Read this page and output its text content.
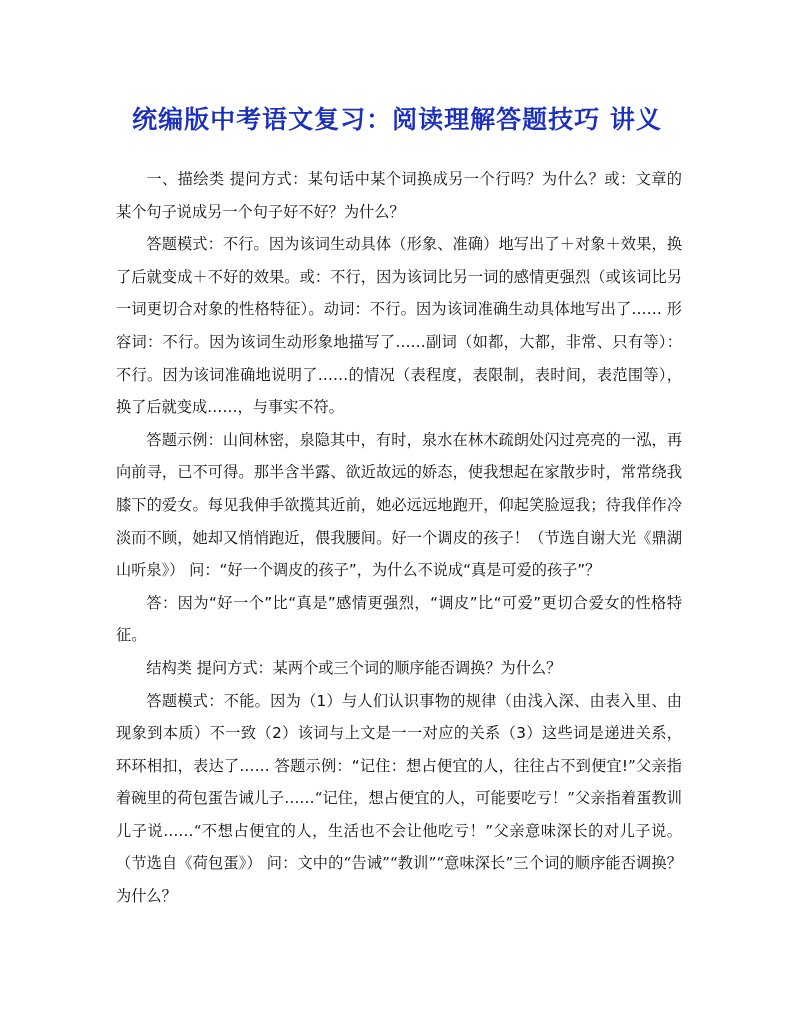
统编版中考语文复习：阅读理解答题技巧 讲义

一、描绘类 提问方式：某句话中某个词换成另一个行吗？为什么？或：文章的某个句子说成另一个句子好不好？为什么？

答题模式：不行。因为该词生动具体（形象、准确）地写出了＋对象＋效果，换了后就变成＋不好的效果。或：不行，因为该词比另一词的感情更强烈（或该词比另一词更切合对象的性格特征）。动词：不行。因为该词准确生动具体地写出了…… 形容词：不行。因为该词生动形象地描写了……副词（如都，大都，非常、只有等）：不行。因为该词准确地说明了……的情况（表程度，表限制，表时间，表范围等），换了后就变成……，与事实不符。

答题示例：山间林密，泉隐其中，有时，泉水在林木疏朗处闪过亮亮的一泓，再向前寻，已不可得。那半含半露、欲近故远的娇态，使我想起在家散步时，常常绕我膝下的爱女。每见我伸手欲揽其近前，她必远远地跑开，仰起笑脸逗我；待我佯作冷淡而不顾，她却又悄悄跑近，偎我腰间。好一个调皮的孩子！（节选自谢大光《鼎湖山听泉》） 问：“好一个调皮的孩子”，为什么不说成“真是可爱的孩子”？

答：因为“好一个”比“真是”感情更强烈，“调皮”比“可爱”更切合爱女的性格特征。

结构类 提问方式：某两个或三个词的顺序能否调换？为什么？

答题模式：不能。因为（1）与人们认识事物的规律（由浅入深、由表入里、由现象到本质）不一致（2）该词与上文是一一对应的关系（3）这些词是递进关系，环环相扣，表达了…… 答题示例：“记住：想占便宜的人，往往占不到便宜!”父亲指着碗里的荷包蛋告诫儿子……“记住，想占便宜的人，可能要吃亏！”父亲指着蛋教训儿子说……“不想占便宜的人，生活也不会让他吃亏！”父亲意味深长的对儿子说。（节选自《荷包蛋》） 问：文中的“告诫”“教训”“意味深长”三个词的顺序能否调换？为什么？
